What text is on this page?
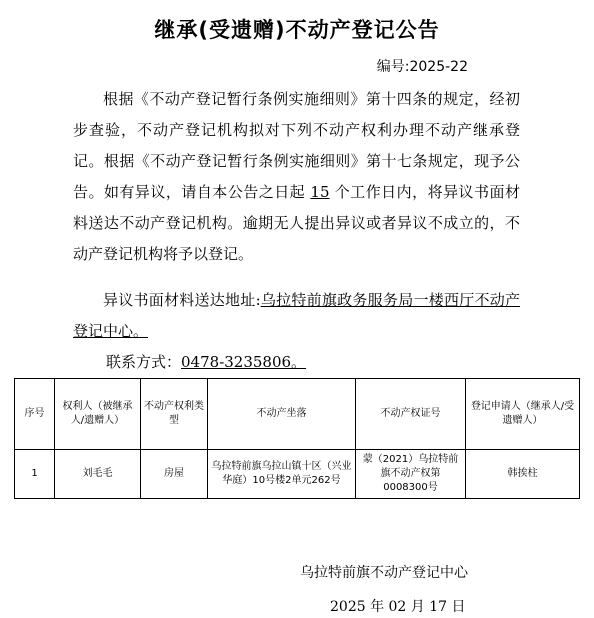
继承(受遗赠)不动产登记公告
编号:2025-22
根据《不动产登记暂行条例实施细则》第十四条的规定，经初步查验，不动产登记机构拟对下列不动产权利办理不动产继承登记。根据《不动产登记暂行条例实施细则》第十七条规定，现予公告。如有异议，请自本公告之日起 15 个工作日内，将异议书面材料送达不动产登记机构。逾期无人提出异议或者异议不成立的，不动产登记机构将予以登记。
异议书面材料送达地址:乌拉特前旗政务服务局一楼西厅不动产登记中心。
联系方式：0478-3235806。
序号	权利人（被继承人/遗赠人）	不动产权利类型	不动产坐落	不动产权证号	登记申请人（继承人/受遗赠人）
1	刘毛毛	房屋	乌拉特前旗乌拉山镇十区（兴业华庭）10号楼2单元262号	蒙（2021）乌拉特前旗不动产权第0008300号	韩挨柱
乌拉特前旗不动产登记中心
2025 年 02 月 17 日
